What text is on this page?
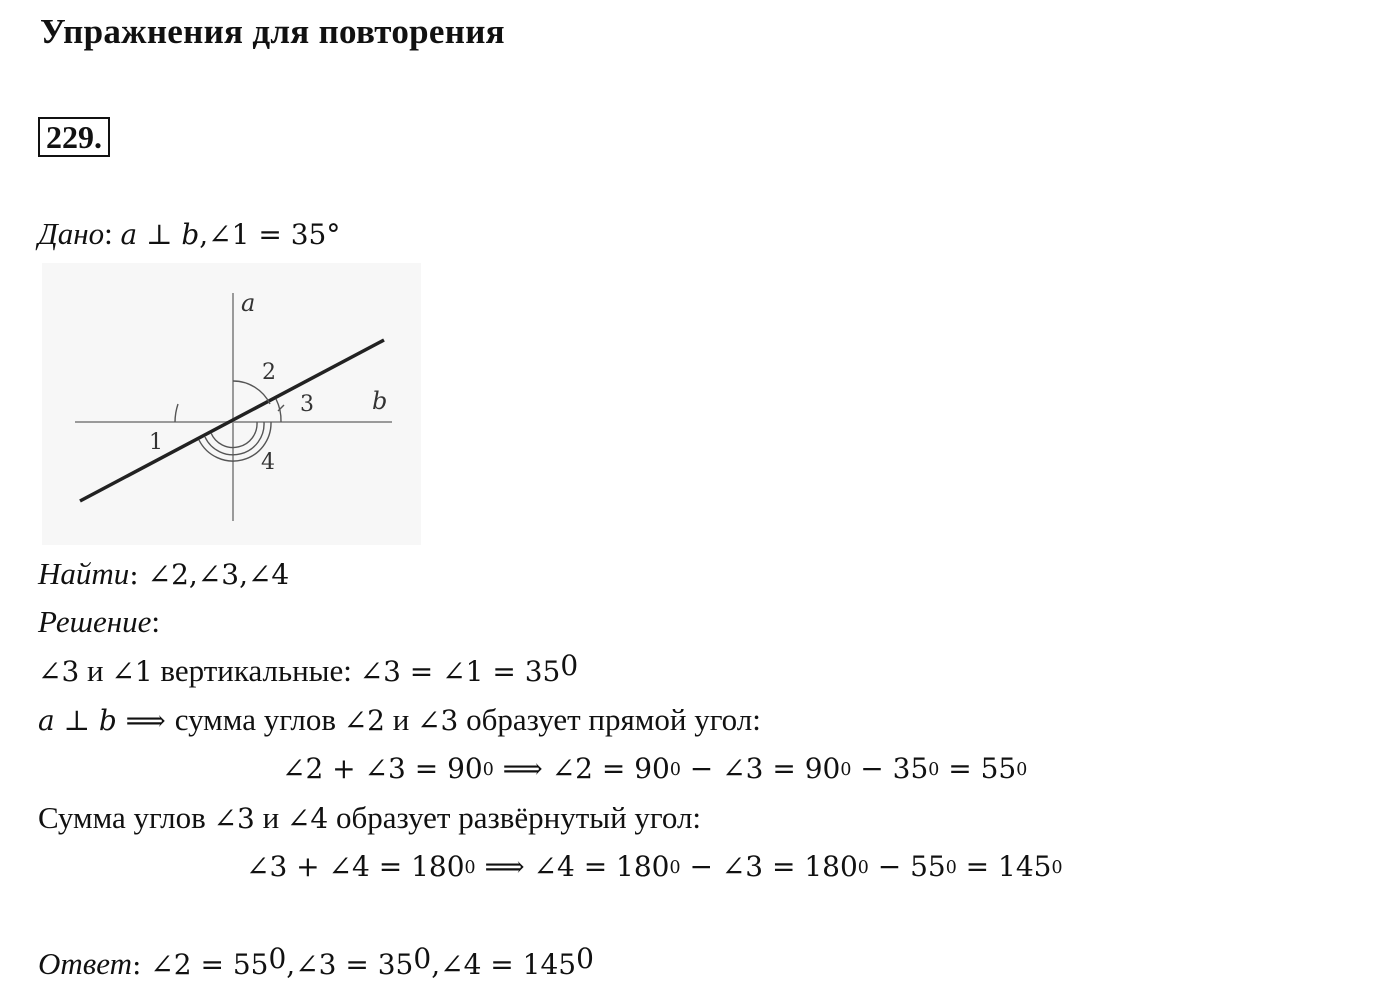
Упражнения для повторения
229.
Дано: a ⊥ b,∠1 = 35°
a
b
1
2
3
4
Найти: ∠2,∠3,∠4
Решение:
∠3 и ∠1 вертикальные: ∠3 = ∠1 = $35^0$
a ⊥ b ⟹ сумма углов ∠2 и ∠3 образует прямой угол:
∠2 + ∠3 = $90^0$ ⟹ ∠2 = $90^0$ − ∠3 = $90^0 - 35^0 = 55^0$
Сумма углов ∠3 и ∠4 образует развёрнутый угол:
∠3 + ∠4 = $180^0$ ⟹ ∠4 = $180^0$ − ∠3 = $180^0 - 55^0 = 145^0$
Ответ: ∠2 = $55^0,\angle 3$ = $35^0,\angle 4 = 145^0$
